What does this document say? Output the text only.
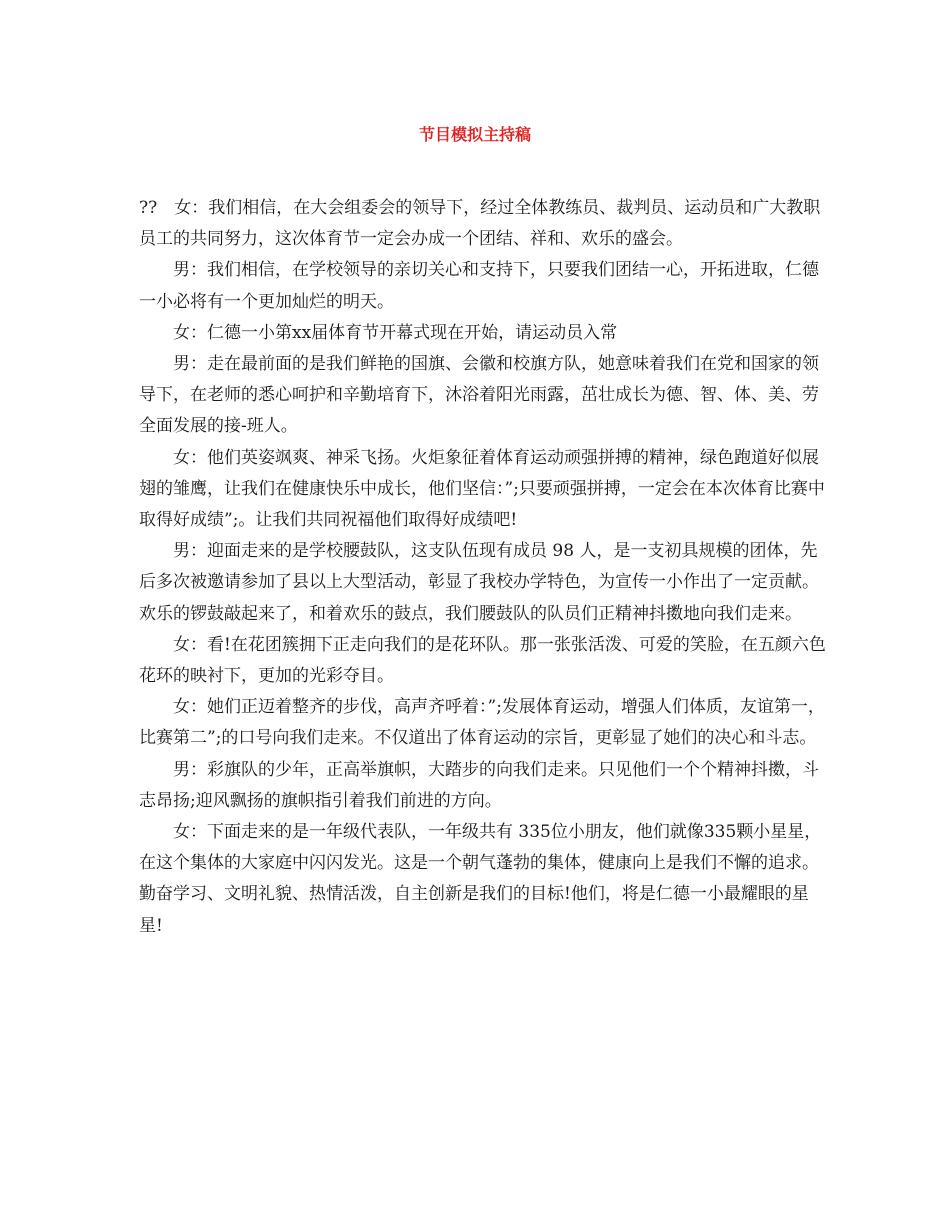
节目模拟主持稿

??　女：我们相信，在大会组委会的领导下，经过全体教练员、裁判员、运动员和广大教职员工的共同努力，这次体育节一定会办成一个团结、祥和、欢乐的盛会。

男：我们相信，在学校领导的亲切关心和支持下，只要我们团结一心，开拓进取，仁德一小必将有一个更加灿烂的明天。

女：仁德一小第xx届体育节开幕式现在开始，请运动员入常

男：走在最前面的是我们鲜艳的国旗、会徽和校旗方队，她意味着我们在党和国家的领导下，在老师的悉心呵护和辛勤培育下，沐浴着阳光雨露，茁壮成长为德、智、体、美、劳全面发展的接-班人。

女：他们英姿飒爽、神采飞扬。火炬象征着体育运动顽强拼搏的精神，绿色跑道好似展翅的雏鹰，让我们在健康快乐中成长，他们坚信：”;只要顽强拼搏，一定会在本次体育比赛中取得好成绩”;。让我们共同祝福他们取得好成绩吧!

男：迎面走来的是学校腰鼓队，这支队伍现有成员 98 人，是一支初具规模的团体，先后多次被邀请参加了县以上大型活动，彰显了我校办学特色，为宣传一小作出了一定贡献。欢乐的锣鼓敲起来了，和着欢乐的鼓点，我们腰鼓队的队员们正精神抖擞地向我们走来。

女：看!在花团簇拥下正走向我们的是花环队。那一张张活泼、可爱的笑脸，在五颜六色花环的映衬下，更加的光彩夺目。

女：她们正迈着整齐的步伐，高声齐呼着：”;发展体育运动，增强人们体质，友谊第一，比赛第二”;的口号向我们走来。不仅道出了体育运动的宗旨，更彰显了她们的决心和斗志。

男：彩旗队的少年，正高举旗帜，大踏步的向我们走来。只见他们一个个精神抖擞，斗志昂扬;迎风飘扬的旗帜指引着我们前进的方向。

女：下面走来的是一年级代表队，一年级共有 335位小朋友，他们就像335颗小星星，在这个集体的大家庭中闪闪发光。这是一个朝气蓬勃的集体，健康向上是我们不懈的追求。勤奋学习、文明礼貌、热情活泼，自主创新是我们的目标!他们，将是仁德一小最耀眼的星星!
